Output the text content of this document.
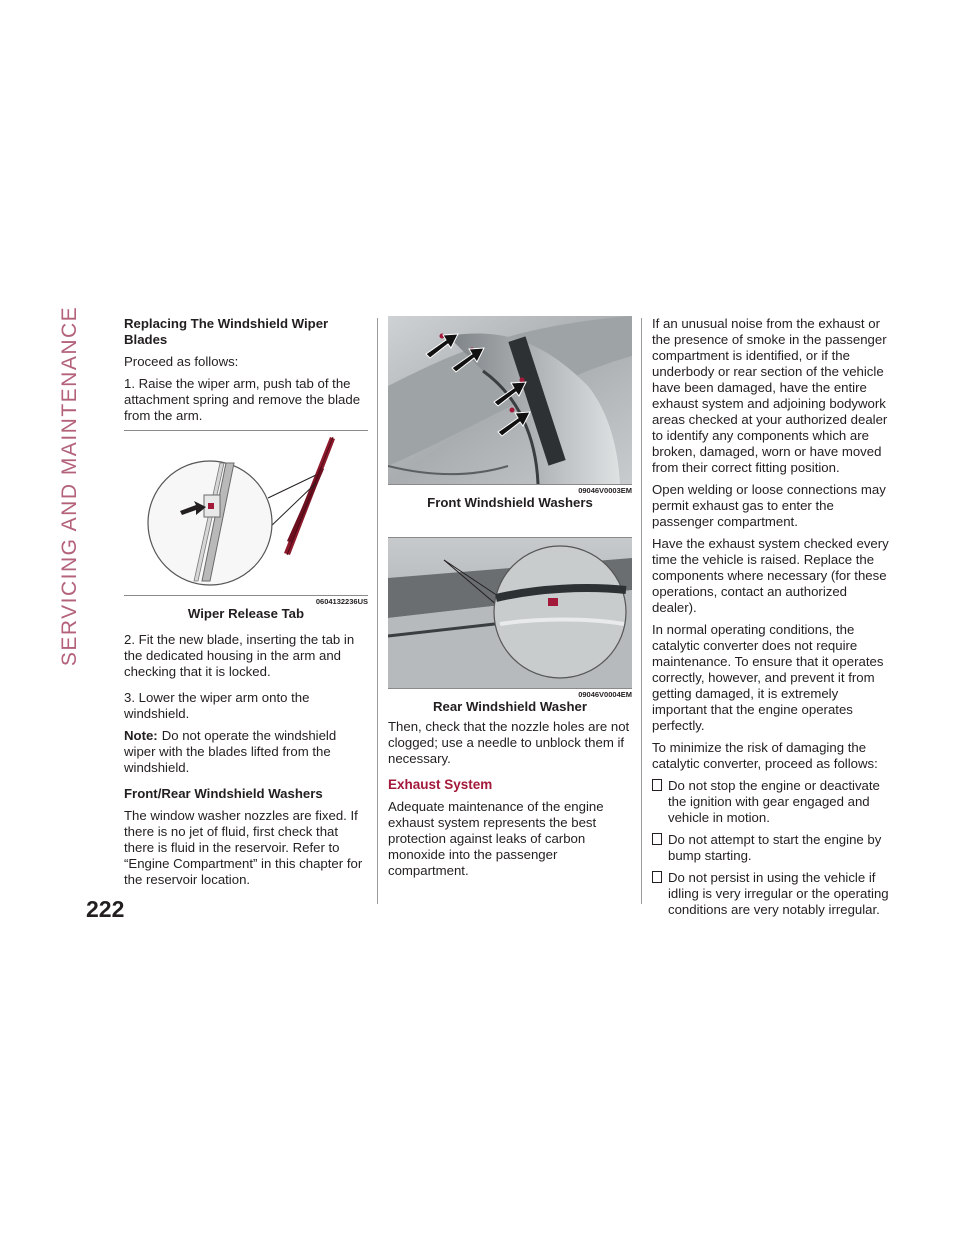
SERVICING AND MAINTENANCE
222
Replacing The Windshield Wiper Blades

Proceed as follows:

1. Raise the wiper arm, push tab of the attachment spring and remove the blade from the arm.

0604132236US
Wiper Release Tab

2. Fit the new blade, inserting the tab in the dedicated housing in the arm and checking that it is locked.

3. Lower the wiper arm onto the windshield.

Note: Do not operate the windshield wiper with the blades lifted from the windshield.

Front/Rear Windshield Washers

The window washer nozzles are fixed. If there is no jet of fluid, first check that there is fluid in the reservoir. Refer to “Engine Compartment” in this chapter for the reservoir location.

09046V0003EM
Front Windshield Washers
09046V0004EM
Rear Windshield Washer

Then, check that the nozzle holes are not clogged; use a needle to unblock them if necessary.

Exhaust System

Adequate maintenance of the engine exhaust system represents the best protection against leaks of carbon monoxide into the passenger compartment.

If an unusual noise from the exhaust or the presence of smoke in the passenger compartment is identified, or if the underbody or rear section of the vehicle have been damaged, have the entire exhaust system and adjoining bodywork areas checked at your authorized dealer to identify any components which are broken, damaged, worn or have moved from their correct fitting position.

Open welding or loose connections may permit exhaust gas to enter the passenger compartment.

Have the exhaust system checked every time the vehicle is raised. Replace the components where necessary (for these operations, contact an authorized dealer).

In normal operating conditions, the catalytic converter does not require maintenance. To ensure that it operates correctly, however, and prevent it from getting damaged, it is extremely important that the engine operates perfectly.

To minimize the risk of damaging the catalytic converter, proceed as follows:

Do not stop the engine or deactivate the ignition with gear engaged and vehicle in motion.

Do not attempt to start the engine by bump starting.

Do not persist in using the vehicle if idling is very irregular or the operating conditions are very notably irregular.
